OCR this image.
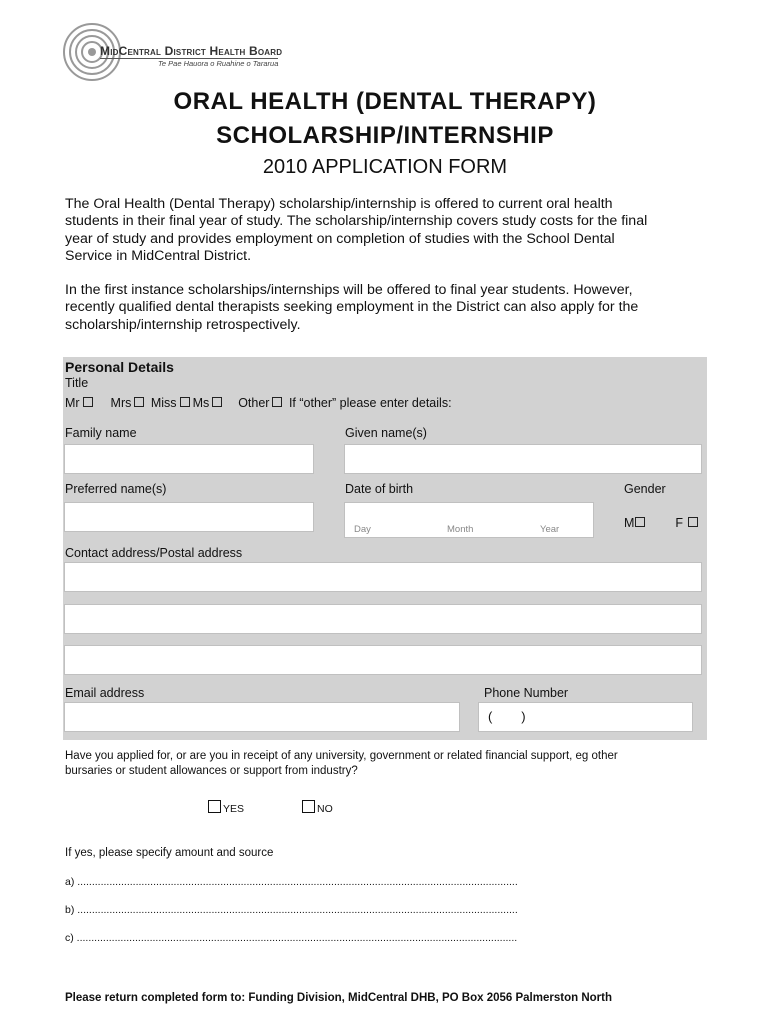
MidCentral District Health Board
Te Pae Hauora o Ruahine o Tararua
ORAL HEALTH (DENTAL THERAPY)
SCHOLARSHIP/INTERNSHIP
2010 APPLICATION FORM
The Oral Health (Dental Therapy) scholarship/internship is offered to current oral health
students in their final year of study. The scholarship/internship covers study costs for the final
year of study and provides employment on completion of studies with the School Dental
Service in MidCentral District.
In the first instance scholarships/internships will be offered to final year students. However,
recently qualified dental therapists seeking employment in the District can also apply for the
scholarship/internship retrospectively.
Personal Details
Title
Mr Mrs Miss Ms Other If “other” please enter details:
Family name	Given name(s)
Preferred name(s)	Date of birth	Gender
Day	Month	Year	M	F
Contact address/Postal address
Email address	Phone Number
(        )
Have you applied for, or are you in receipt of any university, government or related financial support, eg other
bursaries or student allowances or support from industry?
YES	NO
If yes, please specify amount and source
a) .......................................................................................................................................................
b) .......................................................................................................................................................
c) .......................................................................................................................................................
Please return completed form to: Funding Division, MidCentral DHB, PO Box 2056 Palmerston North
